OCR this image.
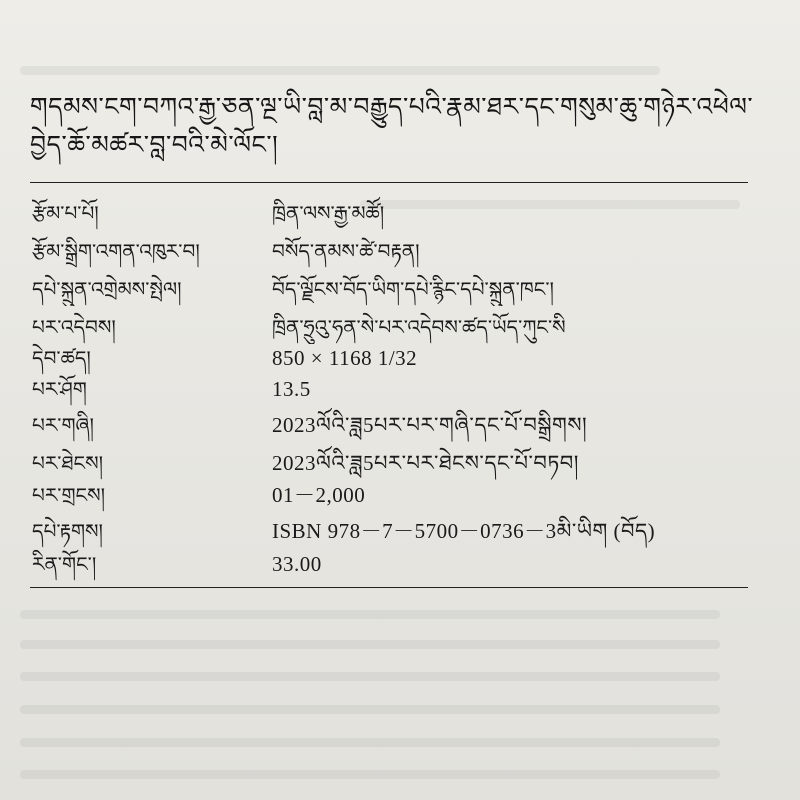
གདམས་ངག་བཀའ་རྒྱ་ཅན་ལྔ་ཡི་བླ་མ་བརྒྱུད་པའི་རྣམ་ཐར་དང་གསུམ་ཆུ་གཉེར་འཕེལ་བྱེད་ཆོ་མཚར་བླ་བའི་མེ་ལོང་།
རྩོམ་པ་པོ།	ཁྲིན་ལས་རྒྱ་མཚོ།
རྩོམ་སྒྲིག་འགན་འཁུར་བ།	བསོད་ནམས་ཚེ་བརྟན།
དཔེ་སྐྲུན་འགྲེམས་སྤེལ།	བོད་ལྗོངས་བོད་ཡིག་དཔེ་རྙིང་དཔེ་སྐྲུན་ཁང་།
པར་འདེབས།	ཁྲིན་ཧྲུའུ་ཧན་སེ་པར་འདེབས་ཚད་ཡོད་ཀུང་སི
དེབ་ཚད།	850 × 1168 1/32
པར་ཤོག	13.5
པར་གཞི།	2023ལོའི་ཟླ5པར་པར་གཞི་དང་པོ་བསྒྲིགས།
པར་ཐེངས།	2023ལོའི་ཟླ5པར་པར་ཐེངས་དང་པོ་བཏབ།
པར་གྲངས།	01－2,000
དཔེ་རྟགས།	ISBN 978－7－5700－0736－3མི་ཡིག (བོད)
རིན་གོང་།	33.00
